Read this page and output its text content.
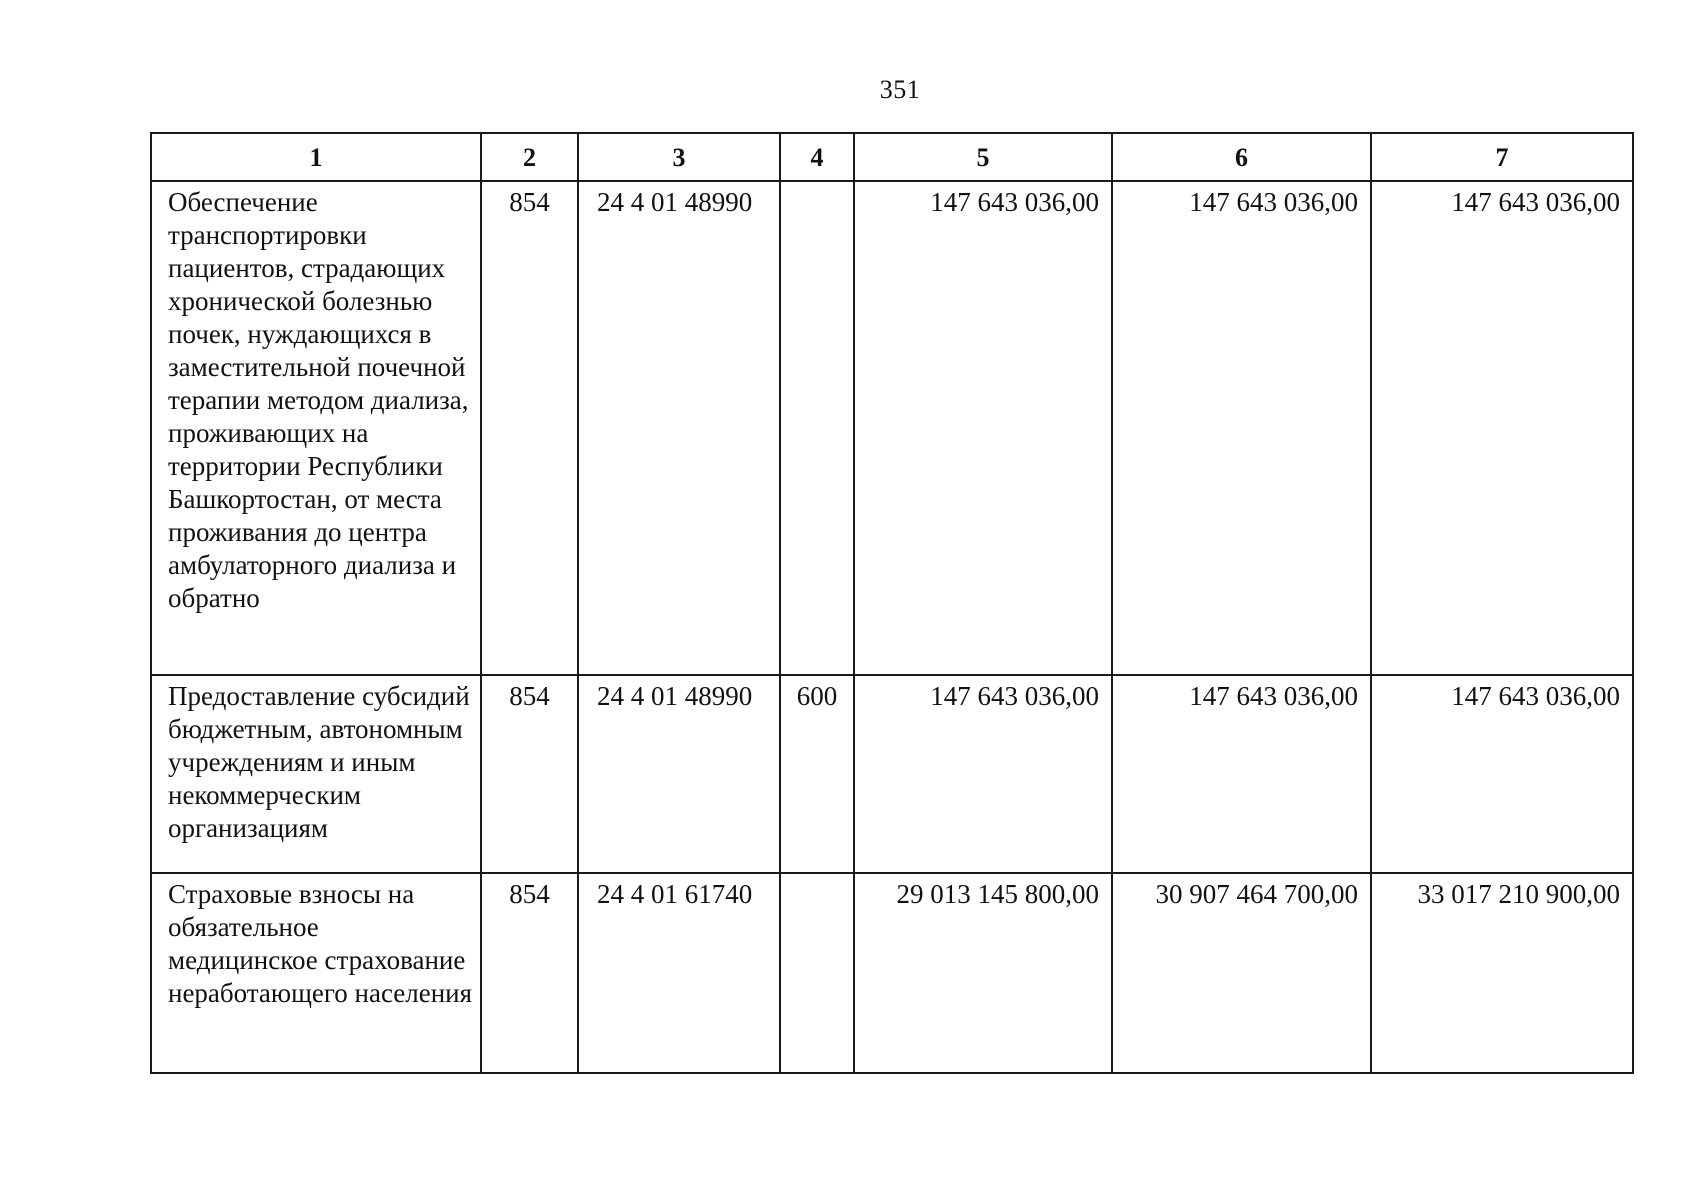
351
1	2	3	4	5	6	7
Обеспечение транспортировки пациентов, страдающих хронической болезнью почек, нуждающихся в заместительной почечной терапии методом диализа, проживающих на территории Республики Башкортостан, от места проживания до центра амбулаторного диализа и обратно	854	24 4 01 48990		147 643 036,00	147 643 036,00	147 643 036,00
Предоставление субсидий бюджетным, автономным учреждениям и иным некоммерческим организациям	854	24 4 01 48990	600	147 643 036,00	147 643 036,00	147 643 036,00
Страховые взносы на обязательное медицинское страхование неработающего населения	854	24 4 01 61740		29 013 145 800,00	30 907 464 700,00	33 017 210 900,00
